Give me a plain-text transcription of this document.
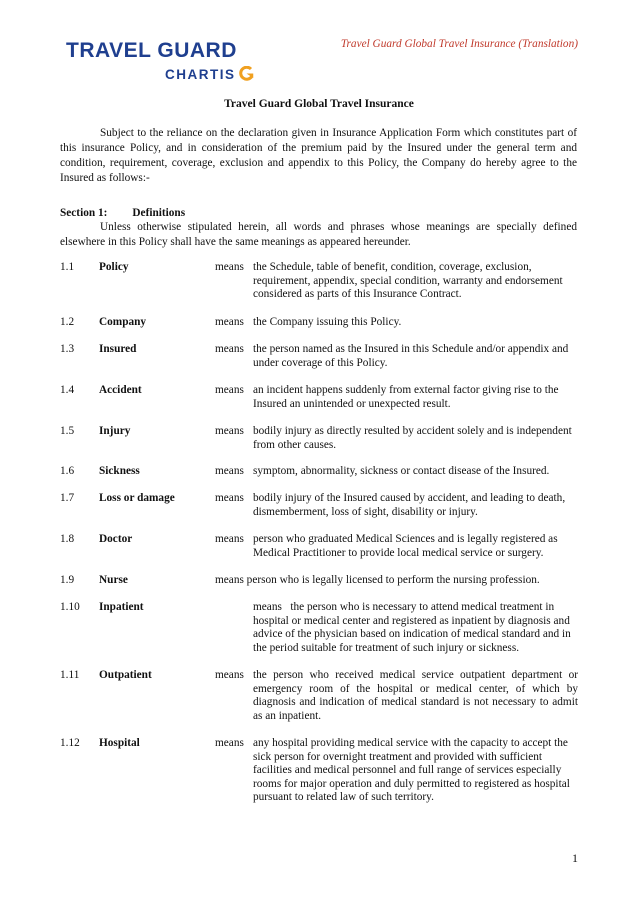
TRAVEL GUARD
CHARTIS
Travel Guard Global Travel Insurance (Translation)
Travel Guard Global Travel Insurance
Subject to the reliance on the declaration given in Insurance Application Form which constitutes part of this insurance Policy, and in consideration of the premium paid by the Insured under the general term and condition, requirement, coverage, exclusion and appendix to this Policy, the Company do hereby agree to the Insured as follows:-
Section 1: Definitions
Unless otherwise stipulated herein, all words and phrases whose meanings are specially defined elsewhere in this Policy shall have the same meanings as appeared hereunder.
1.1 Policy	means the Schedule, table of benefit, condition, coverage, exclusion, requirement, appendix, special condition, warranty and endorsement considered as parts of this Insurance Contract.
1.2 Company	means the Company issuing this Policy.
1.3 Insured	means the person named as the Insured in this Schedule and/or appendix and under coverage of this Policy.
1.4 Accident	means an incident happens suddenly from external factor giving rise to the Insured an unintended or unexpected result.
1.5 Injury	means bodily injury as directly resulted by accident solely and is independent from other causes.
1.6 Sickness	means symptom, abnormality, sickness or contact disease of the Insured.
1.7 Loss or damage	means bodily injury of the Insured caused by accident, and leading to death, dismemberment, loss of sight, disability or injury.
1.8 Doctor	means person who graduated Medical Sciences and is legally registered as Medical Practitioner to provide local medical service or surgery.
1.9 Nurse	means person who is legally licensed to perform the nursing profession.
1.10 Inpatient	means   the person who is necessary to attend medical treatment in hospital or medical center and registered as inpatient by diagnosis and advice of the physician based on indication of medical standard and in the period suitable for treatment of such injury or sickness.
1.11 Outpatient	means the person who received medical service outpatient department or emergency room of the hospital or medical center, of which by diagnosis and indication of medical standard is not necessary to admit as an inpatient.
1.12 Hospital	means any hospital providing medical service with the capacity to accept the sick person for overnight treatment and provided with sufficient facilities and medical personnel and full range of services especially rooms for major operation and duly permitted to registered as hospital pursuant to related law of such territory.
1
